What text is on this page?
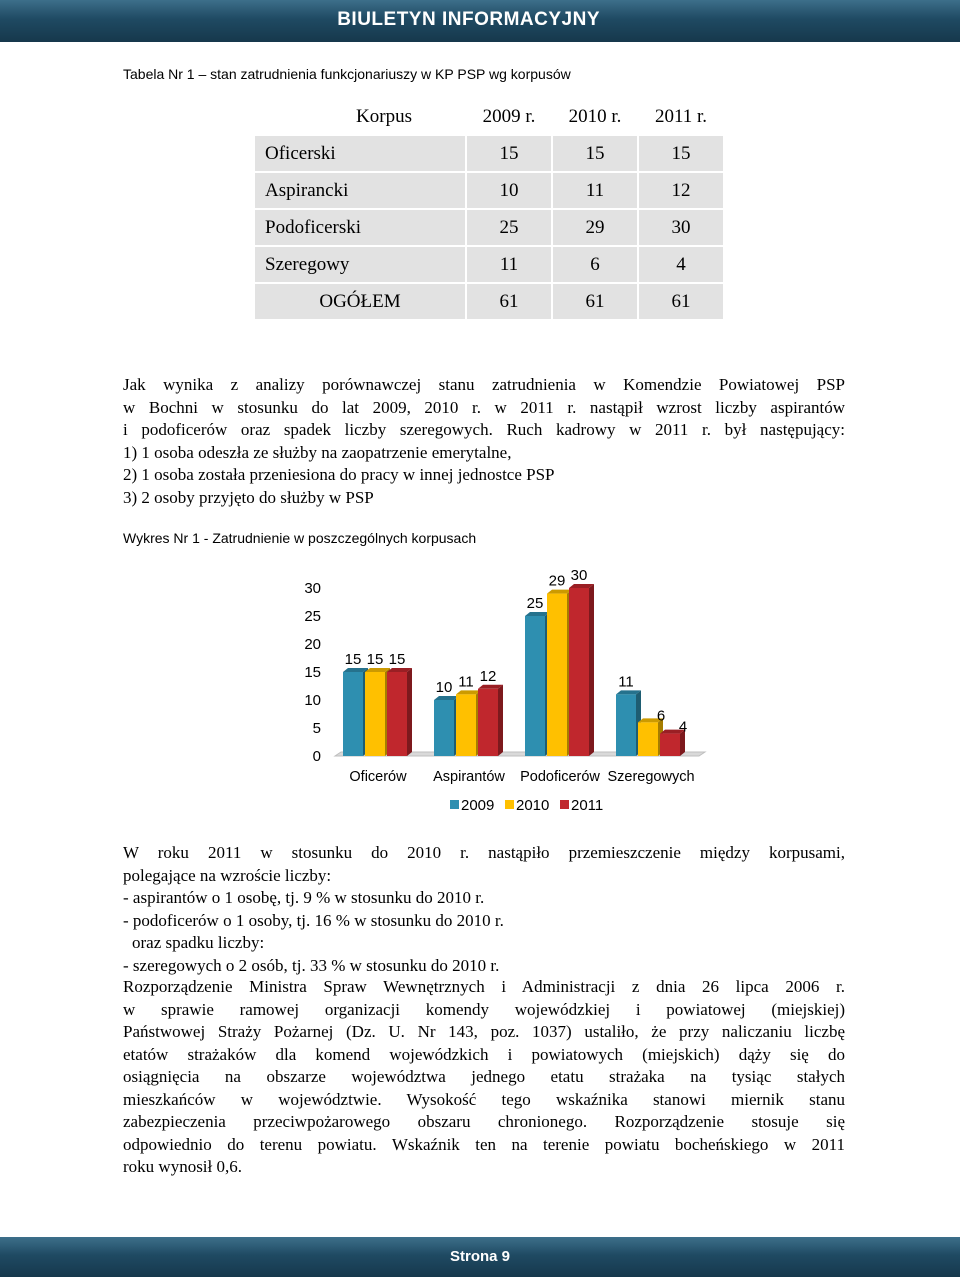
BIULETYN INFORMACYJNY
Tabela Nr 1 – stan zatrudnienia funkcjonariuszy w KP PSP wg korpusów
Korpus	2009 r.	2010 r.	2011 r.
Oficerski	15	15	15
Aspirancki	10	11	12
Podoficerski	25	29	30
Szeregowy	11	6	4
OGÓŁEM	61	61	61
Jak wynika z analizy porównawczej stanu zatrudnienia w Komendzie Powiatowej PSP
w Bochni w stosunku do lat 2009, 2010 r. w 2011 r. nastąpił wzrost liczby aspirantów
i podoficerów oraz spadek liczby szeregowych. Ruch kadrowy w 2011 r. był następujący:
1) 1 osoba odeszła ze służby na zaopatrzenie emerytalne,
2) 1 osoba została przeniesiona do pracy w innej jednostce PSP
3) 2 osoby przyjęto do służby w PSP
Wykres Nr 1 - Zatrudnienie w poszczególnych korpusach
0
5
10
15
20
25
30
15 15 15
Oficerów
10 11 12
Aspirantów
25
29 30
Podoficerów
11
6
4
Szeregowych
2009 2010 2011
W roku 2011 w stosunku do 2010 r. nastąpiło przemieszczenie między korpusami,
polegające na wzroście liczby:
- aspirantów o 1 osobę, tj. 9 % w stosunku do 2010 r.
- podoficerów o 1 osoby, tj. 16 % w stosunku do 2010 r.
oraz spadku liczby:
- szeregowych o 2 osób, tj. 33 % w stosunku do 2010 r.
Rozporządzenie Ministra Spraw Wewnętrznych i Administracji z dnia 26 lipca 2006 r.
w sprawie ramowej organizacji komendy wojewódzkiej i powiatowej (miejskiej)
Państwowej Straży Pożarnej (Dz. U. Nr 143, poz. 1037) ustaliło, że przy naliczaniu liczbę
etatów strażaków dla komend wojewódzkich i powiatowych (miejskich) dąży się do
osiągnięcia na obszarze województwa jednego etatu strażaka na tysiąc stałych
mieszkańców w województwie. Wysokość tego wskaźnika stanowi miernik stanu
zabezpieczenia przeciwpożarowego obszaru chronionego. Rozporządzenie stosuje się
odpowiednio do terenu powiatu. Wskaźnik ten na terenie powiatu bocheńskiego w 2011
roku wynosił 0,6.
Strona 9
